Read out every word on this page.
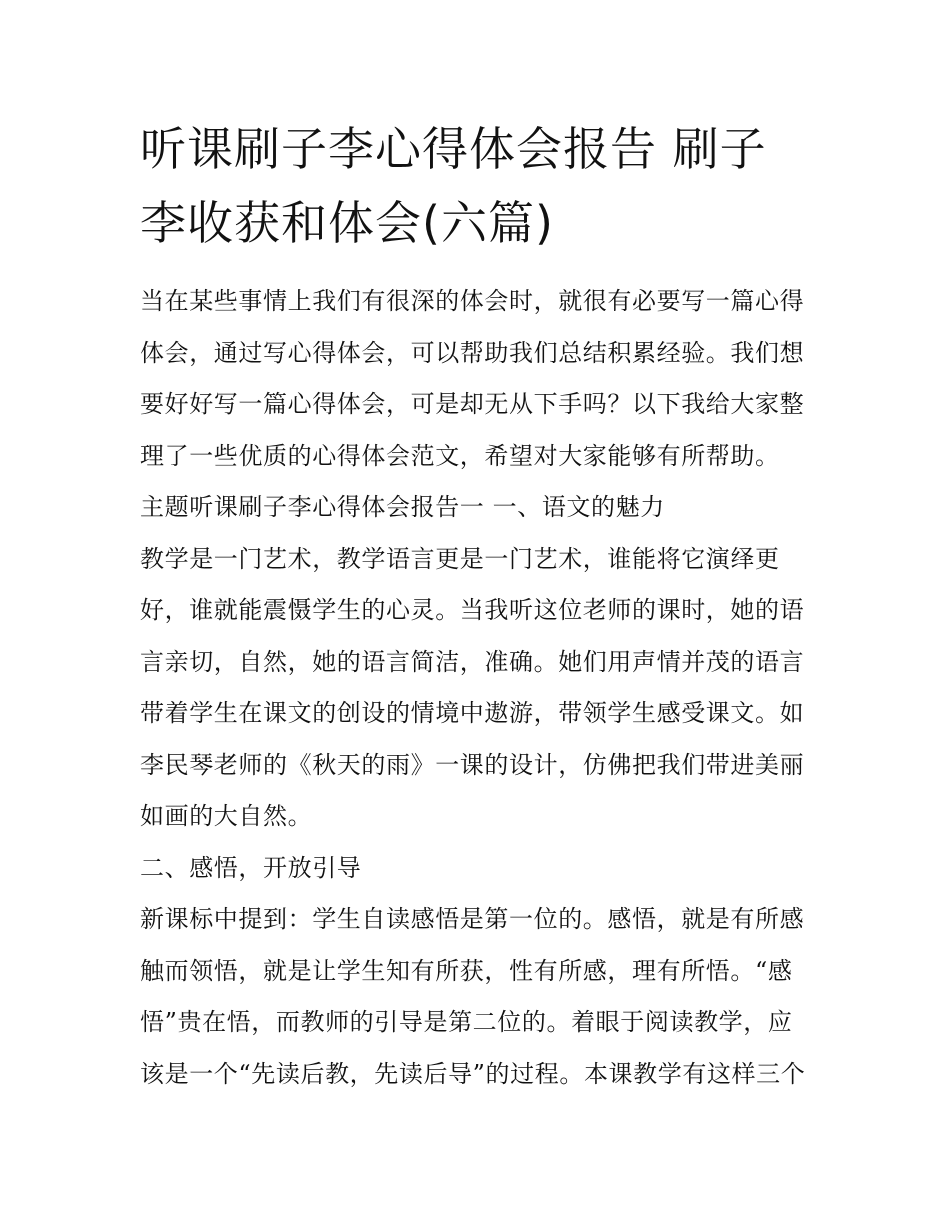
听课刷子李心得体会报告 刷子
李收获和体会(六篇)
当在某些事情上我们有很深的体会时，就很有必要写一篇心得
体会，通过写心得体会，可以帮助我们总结积累经验。我们想
要好好写一篇心得体会，可是却无从下手吗？以下我给大家整
理了一些优质的心得体会范文，希望对大家能够有所帮助。
主题听课刷子李心得体会报告一 一、语文的魅力
教学是一门艺术，教学语言更是一门艺术，谁能将它演绎更
好，谁就能震慑学生的心灵。当我听这位老师的课时，她的语
言亲切，自然，她的语言简洁，准确。她们用声情并茂的语言
带着学生在课文的创设的情境中遨游，带领学生感受课文。如
李民琴老师的《秋天的雨》一课的设计，仿佛把我们带进美丽
如画的大自然。
二、感悟，开放引导
新课标中提到：学生自读感悟是第一位的。感悟，就是有所感
触而领悟，就是让学生知有所获，性有所感，理有所悟。“感
悟”贵在悟，而教师的引导是第二位的。着眼于阅读教学，应
该是一个“先读后教，先读后导”的过程。本课教学有这样三个
